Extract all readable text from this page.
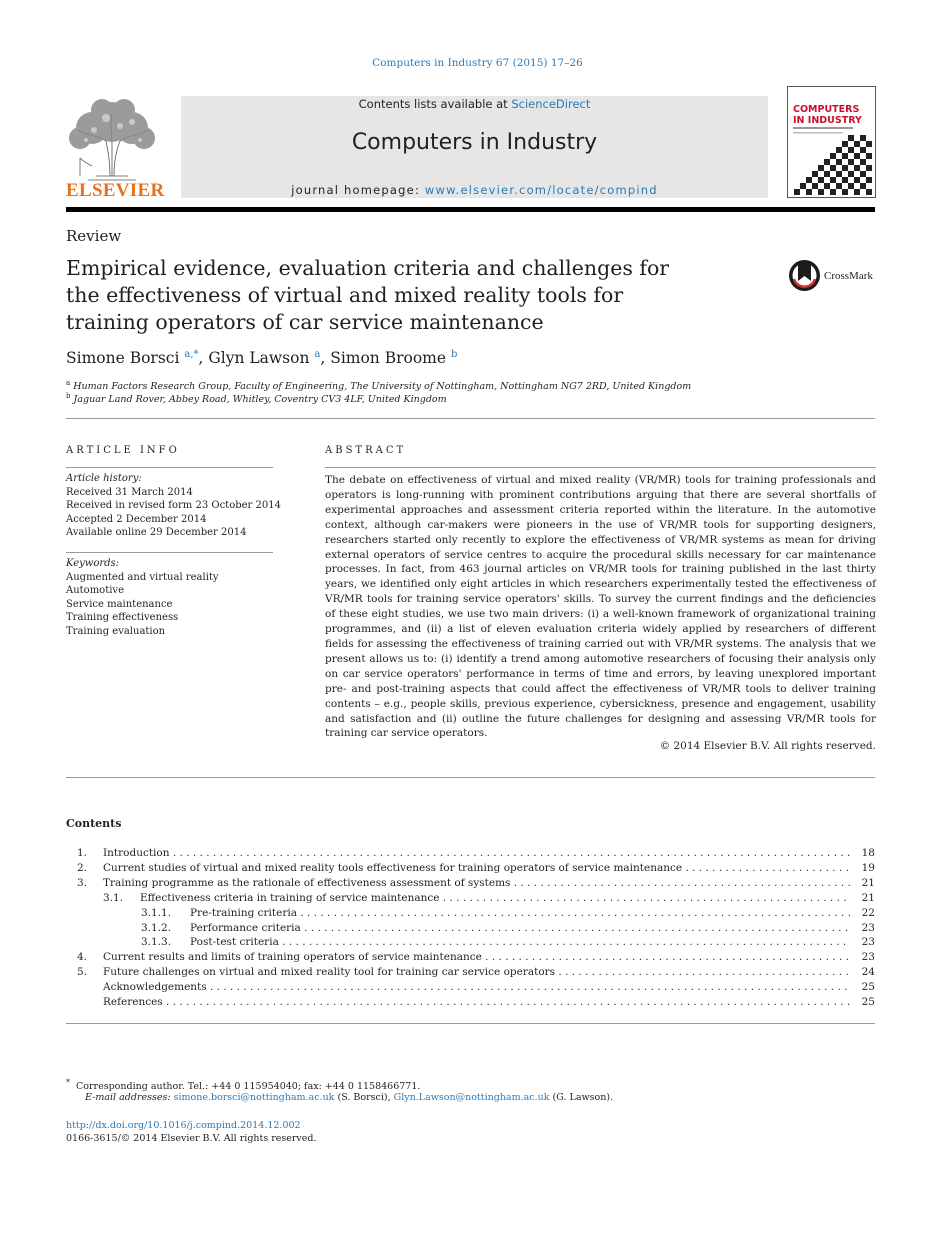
Computers in Industry 67 (2015) 17–26
ELSEVIER
Contents lists available at ScienceDirect
Computers in Industry
journal homepage: www.elsevier.com/locate/compind
COMPUTERS IN INDUSTRY
Review
Empirical evidence, evaluation criteria and challenges for the effectiveness of virtual and mixed reality tools for training operators of car service maintenance
CrossMark
Simone Borsci $^{a,*}$, Glyn Lawson $^a$, Simon Broome $^b$
$^a$ Human Factors Research Group, Faculty of Engineering, The University of Nottingham, Nottingham NG7 2RD, United Kingdom
$^b$ Jaguar Land Rover, Abbey Road, Whitley, Coventry CV3 4LF, United Kingdom
ARTICLE INFO
Article history:
Received 31 March 2014
Received in revised form 23 October 2014
Accepted 2 December 2014
Available online 29 December 2014
Keywords:
Augmented and virtual reality
Automotive
Service maintenance
Training effectiveness
Training evaluation
ABSTRACT
The debate on effectiveness of virtual and mixed reality (VR/MR) tools for training professionals and operators is long-running with prominent contributions arguing that there are several shortfalls of experimental approaches and assessment criteria reported within the literature. In the automotive context, although car-makers were pioneers in the use of VR/MR tools for supporting designers, researchers started only recently to explore the effectiveness of VR/MR systems as mean for driving external operators of service centres to acquire the procedural skills necessary for car maintenance processes. In fact, from 463 journal articles on VR/MR tools for training published in the last thirty years, we identified only eight articles in which researchers experimentally tested the effectiveness of VR/MR tools for training service operators' skills. To survey the current findings and the deficiencies of these eight studies, we use two main drivers: (i) a well-known framework of organizational training programmes, and (ii) a list of eleven evaluation criteria widely applied by researchers of different fields for assessing the effectiveness of training carried out with VR/MR systems. The analysis that we present allows us to: (i) identify a trend among automotive researchers of focusing their analysis only on car service operators' performance in terms of time and errors, by leaving unexplored important pre- and post-training aspects that could affect the effectiveness of VR/MR tools to deliver training contents – e.g., people skills, previous experience, cybersickness, presence and engagement, usability and satisfaction and (ii) outline the future challenges for designing and assessing VR/MR tools for training car service operators.
© 2014 Elsevier B.V. All rights reserved.
Contents
1. Introduction . . .	18
2. Current studies of virtual and mixed reality tools effectiveness for training operators of service maintenance . . .	19
3. Training programme as the rationale of effectiveness assessment of systems . . .	21
3.1. Effectiveness criteria in training of service maintenance . . .	21
3.1.1. Pre-training criteria . . .	22
3.1.2. Performance criteria . . .	23
3.1.3. Post-test criteria . . .	23
4. Current results and limits of training operators of service maintenance . . .	23
5. Future challenges on virtual and mixed reality tool for training car service operators . . .	24
Acknowledgements . . .	25
References . . .	25
* Corresponding author. Tel.: +44 0 115954040; fax: +44 0 1158466771.
E-mail addresses: simone.borsci@nottingham.ac.uk (S. Borsci), Glyn.Lawson@nottingham.ac.uk (G. Lawson).
http://dx.doi.org/10.1016/j.compind.2014.12.002
0166-3615/© 2014 Elsevier B.V. All rights reserved.
